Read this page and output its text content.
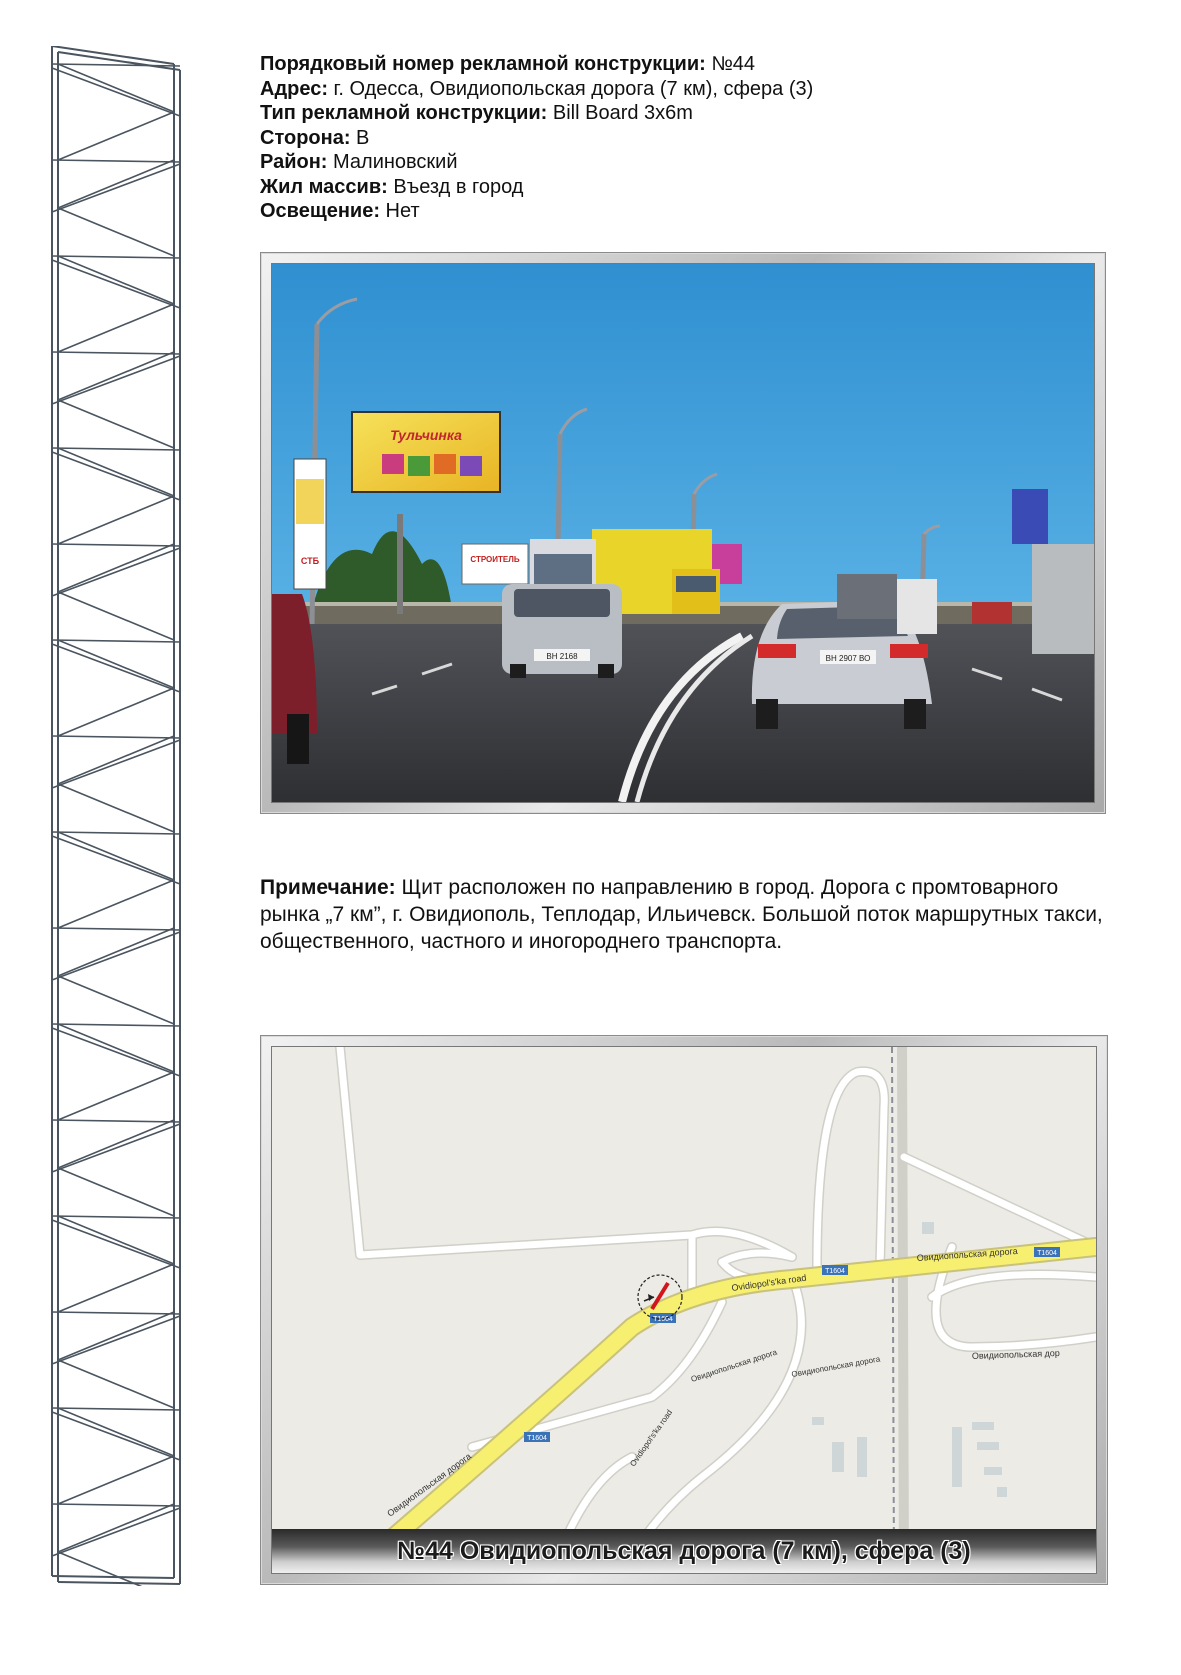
Порядковый номер рекламной конструкции: №44
Адрес: г. Одесса, Овидиопольская дорога (7 км), сфера (3)
Тип рекламной конструкции: Bill Board 3x6m
Сторона: В
Район: Малиновский
Жил массив: Въезд в город
Освещение: Нет
Тульчинка
СТБ	СТРОИТЕЛЬ
ВН 2168	ВН 2907 ВО
Примечание: Щит расположен по направлению в город. Дорога с промтоварного рынка „7 км”, г. Овидиополь, Теплодар, Ильичевск. Большой поток маршрутных такси, общественного, частного и иногороднего транспорта.
T1604
T1604
T1604
T1604
Ovidiopol's'ka road
Овидиопольская дорога
Овидиопольская дорога
Овидиопольская дор
Овидиопольская дорога Овидиопольская дорога
Ovidiopol's'ka road
№44 Овидиопольская дорога (7 км), сфера (3)
